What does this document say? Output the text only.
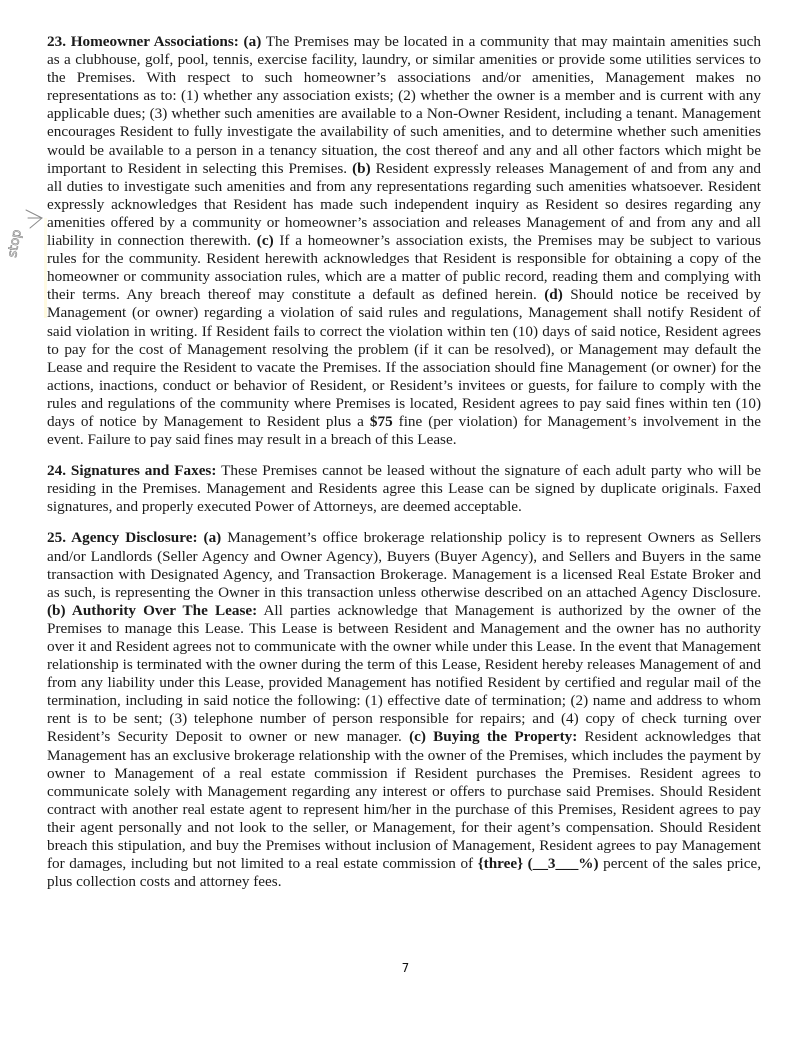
stop

23. Homeowner Associations: (a) The Premises may be located in a community that may maintain amenities such as a clubhouse, golf, pool, tennis, exercise facility, laundry, or similar amenities or provide some utilities services to the Premises. With respect to such homeowner’s associations and/or amenities, Management makes no representations as to: (1) whether any association exists; (2) whether the owner is a member and is current with any applicable dues; (3) whether such amenities are available to a Non-Owner Resident, including a tenant. Management encourages Resident to fully investigate the availability of such amenities, and to determine whether such amenities would be available to a person in a tenancy situation, the cost thereof and any and all other factors which might be important to Resident in selecting this Premises. (b) Resident expressly releases Management of and from any and all duties to investigate such amenities and from any representations regarding such amenities whatsoever. Resident expressly acknowledges that Resident has made such independent inquiry as Resident so desires regarding any amenities offered by a community or homeowner’s association and releases Management of and from any and all liability in connection therewith. (c) If a homeowner’s association exists, the Premises may be subject to various rules for the community. Resident herewith acknowledges that Resident is responsible for obtaining a copy of the homeowner or community association rules, which are a matter of public record, reading them and complying with their terms. Any breach thereof may constitute a default as defined herein. (d) Should notice be received by Management (or owner) regarding a violation of said rules and regulations, Management shall notify Resident of said violation in writing. If Resident fails to correct the violation within ten (10) days of said notice, Resident agrees to pay for the cost of Management resolving the problem (if it can be resolved), or Management may default the Lease and require the Resident to vacate the Premises. If the association should fine Management (or owner) for the actions, inactions, conduct or behavior of Resident, or Resident’s invitees or guests, for failure to comply with the rules and regulations of the community where Premises is located, Resident agrees to pay said fines within ten (10) days of notice by Management to Resident plus a $75 fine (per violation) for Management’s involvement in the event. Failure to pay said fines may result in a breach of this Lease.

24. Signatures and Faxes: These Premises cannot be leased without the signature of each adult party who will be residing in the Premises. Management and Residents agree this Lease can be signed by duplicate originals. Faxed signatures, and properly executed Power of Attorneys, are deemed acceptable.

25. Agency Disclosure: (a) Management’s office brokerage relationship policy is to represent Owners as Sellers and/or Landlords (Seller Agency and Owner Agency), Buyers (Buyer Agency), and Sellers and Buyers in the same transaction with Designated Agency, and Transaction Brokerage. Management is a licensed Real Estate Broker and as such, is representing the Owner in this transaction unless otherwise described on an attached Agency Disclosure. (b) Authority Over The Lease: All parties acknowledge that Management is authorized by the owner of the Premises to manage this Lease. This Lease is between Resident and Management and the owner has no authority over it and Resident agrees not to communicate with the owner while under this Lease. In the event that Management relationship is terminated with the owner during the term of this Lease, Resident hereby releases Management of and from any liability under this Lease, provided Management has notified Resident by certified and regular mail of the termination, including in said notice the following: (1) effective date of termination; (2) name and address to whom rent is to be sent; (3) telephone number of person responsible for repairs; and (4) copy of check turning over Resident’s Security Deposit to owner or new manager. (c) Buying the Property: Resident acknowledges that Management has an exclusive brokerage relationship with the owner of the Premises, which includes the payment by owner to Management of a real estate commission if Resident purchases the Premises. Resident agrees to communicate solely with Management regarding any interest or offers to purchase said Premises. Should Resident contract with another real estate agent to represent him/her in the purchase of this Premises, Resident agrees to pay their agent personally and not look to the seller, or Management, for their agent’s compensation. Should Resident breach this stipulation, and buy the Premises without inclusion of Management, Resident agrees to pay Management for damages, including but not limited to a real estate commission of {three} (__3___%) percent of the sales price, plus collection costs and attorney fees.

7
